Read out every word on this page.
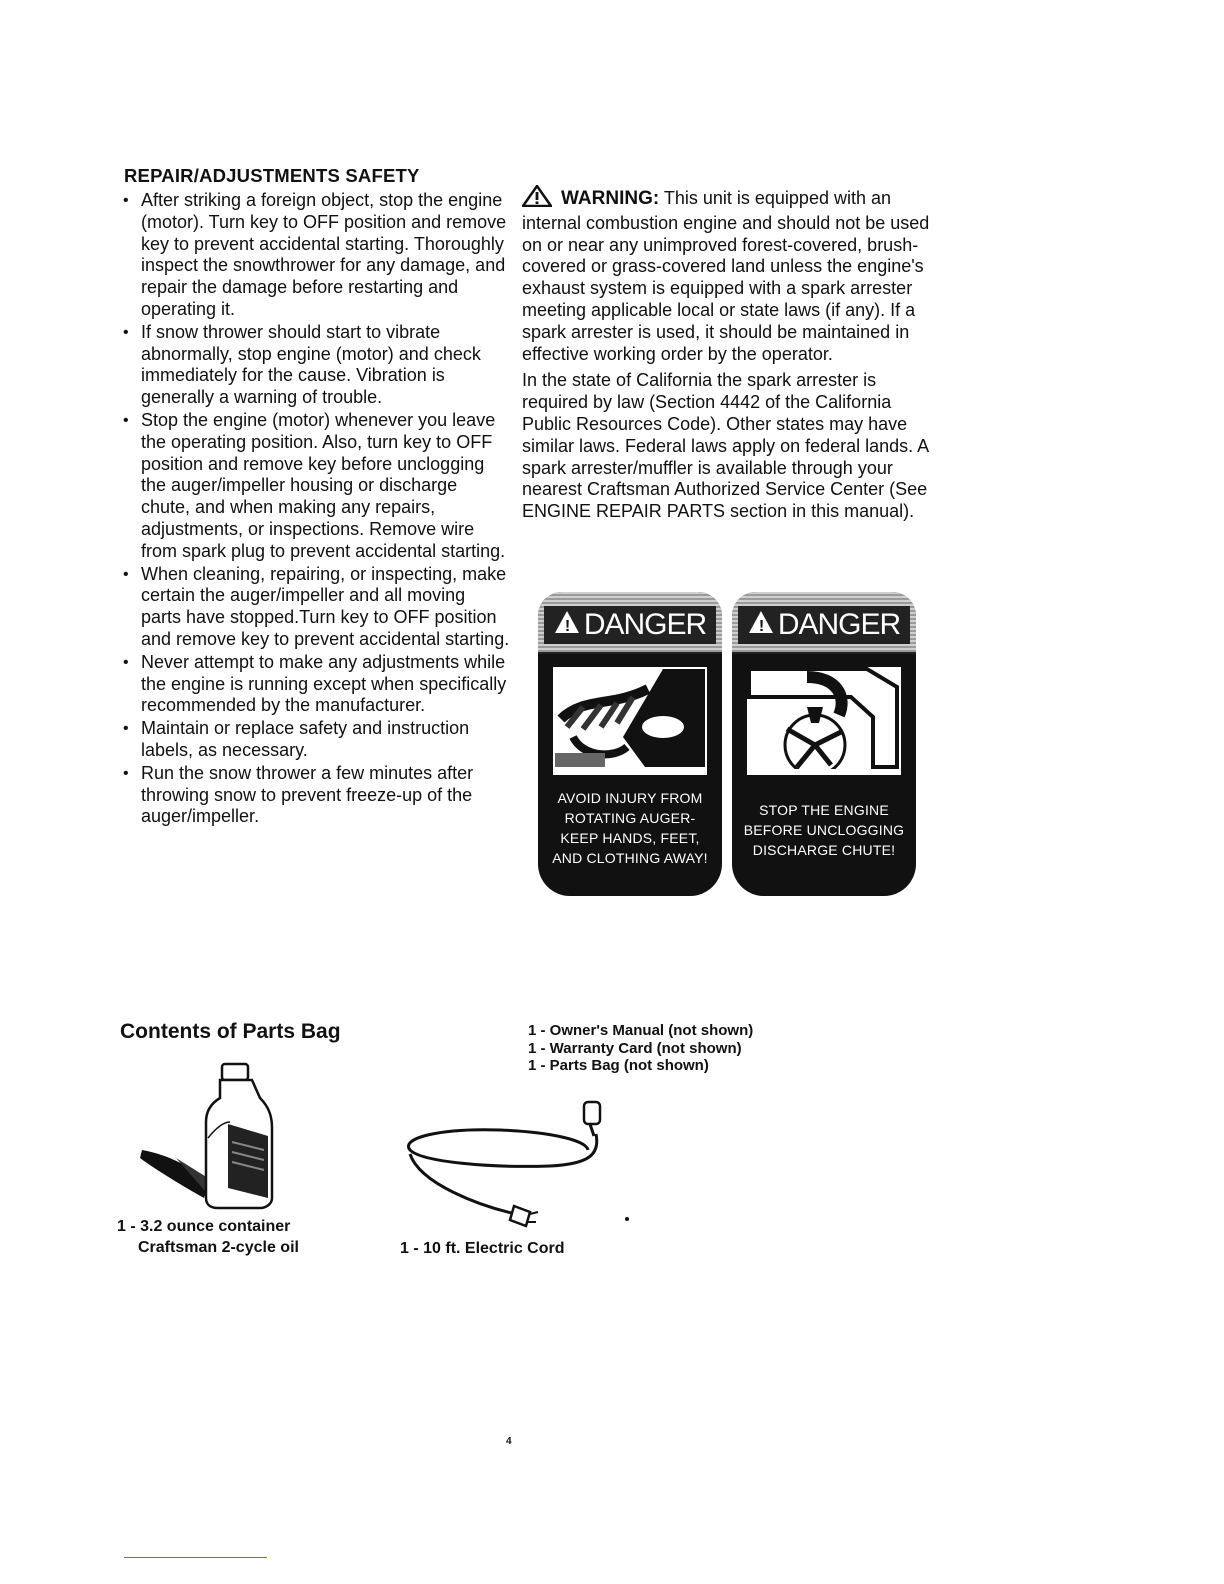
REPAIR/ADJUSTMENTS SAFETY
• After striking a foreign object, stop the engine (motor). Turn key to OFF position and remove key to prevent accidental starting. Thoroughly inspect the snowthrower for any damage, and repair the damage before restarting and operating it.
• If snow thrower should start to vibrate abnormally, stop engine (motor) and check immediately for the cause. Vibration is generally a warning of trouble.
• Stop the engine (motor) whenever you leave the operating position. Also, turn key to OFF position and remove key before unclogging the auger/impeller housing or discharge chute, and when making any repairs, adjustments, or inspections. Remove wire from spark plug to prevent accidental starting.
• When cleaning, repairing, or inspecting, make certain the auger/impeller and all moving parts have stopped.Turn key to OFF position and remove key to prevent accidental starting.
• Never attempt to make any adjustments while the engine is running except when specifically recommended by the manufacturer.
• Maintain or replace safety and instruction labels, as necessary.
• Run the snow thrower a few minutes after throwing snow to prevent freeze-up of the auger/impeller.

WARNING: This unit is equipped with an internal combustion engine and should not be used on or near any unimproved forest-covered, brush-covered or grass-covered land unless the engine's exhaust system is equipped with a spark arrester meeting applicable local or state laws (if any). If a spark arrester is used, it should be maintained in effective working order by the operator.

In the state of California the spark arrester is required by law (Section 4442 of the California Public Resources Code). Other states may have similar laws. Federal laws apply on federal lands. A spark arrester/muffler is available through your nearest Craftsman Authorized Service Center (See ENGINE REPAIR PARTS section in this manual).

! DANGER
AVOID INJURY FROM
ROTATING AUGER-
KEEP HANDS, FEET,
AND CLOTHING AWAY!
! DANGER
STOP THE ENGINE
BEFORE UNCLOGGING
DISCHARGE CHUTE!
Contents of Parts Bag	1 - Owner's Manual (not shown)
1 - Warranty Card (not shown)
1 - Parts Bag (not shown)
1 - 3.2 ounce container
Craftsman 2-cycle oil	1 - 10 ft. Electric Cord
4
